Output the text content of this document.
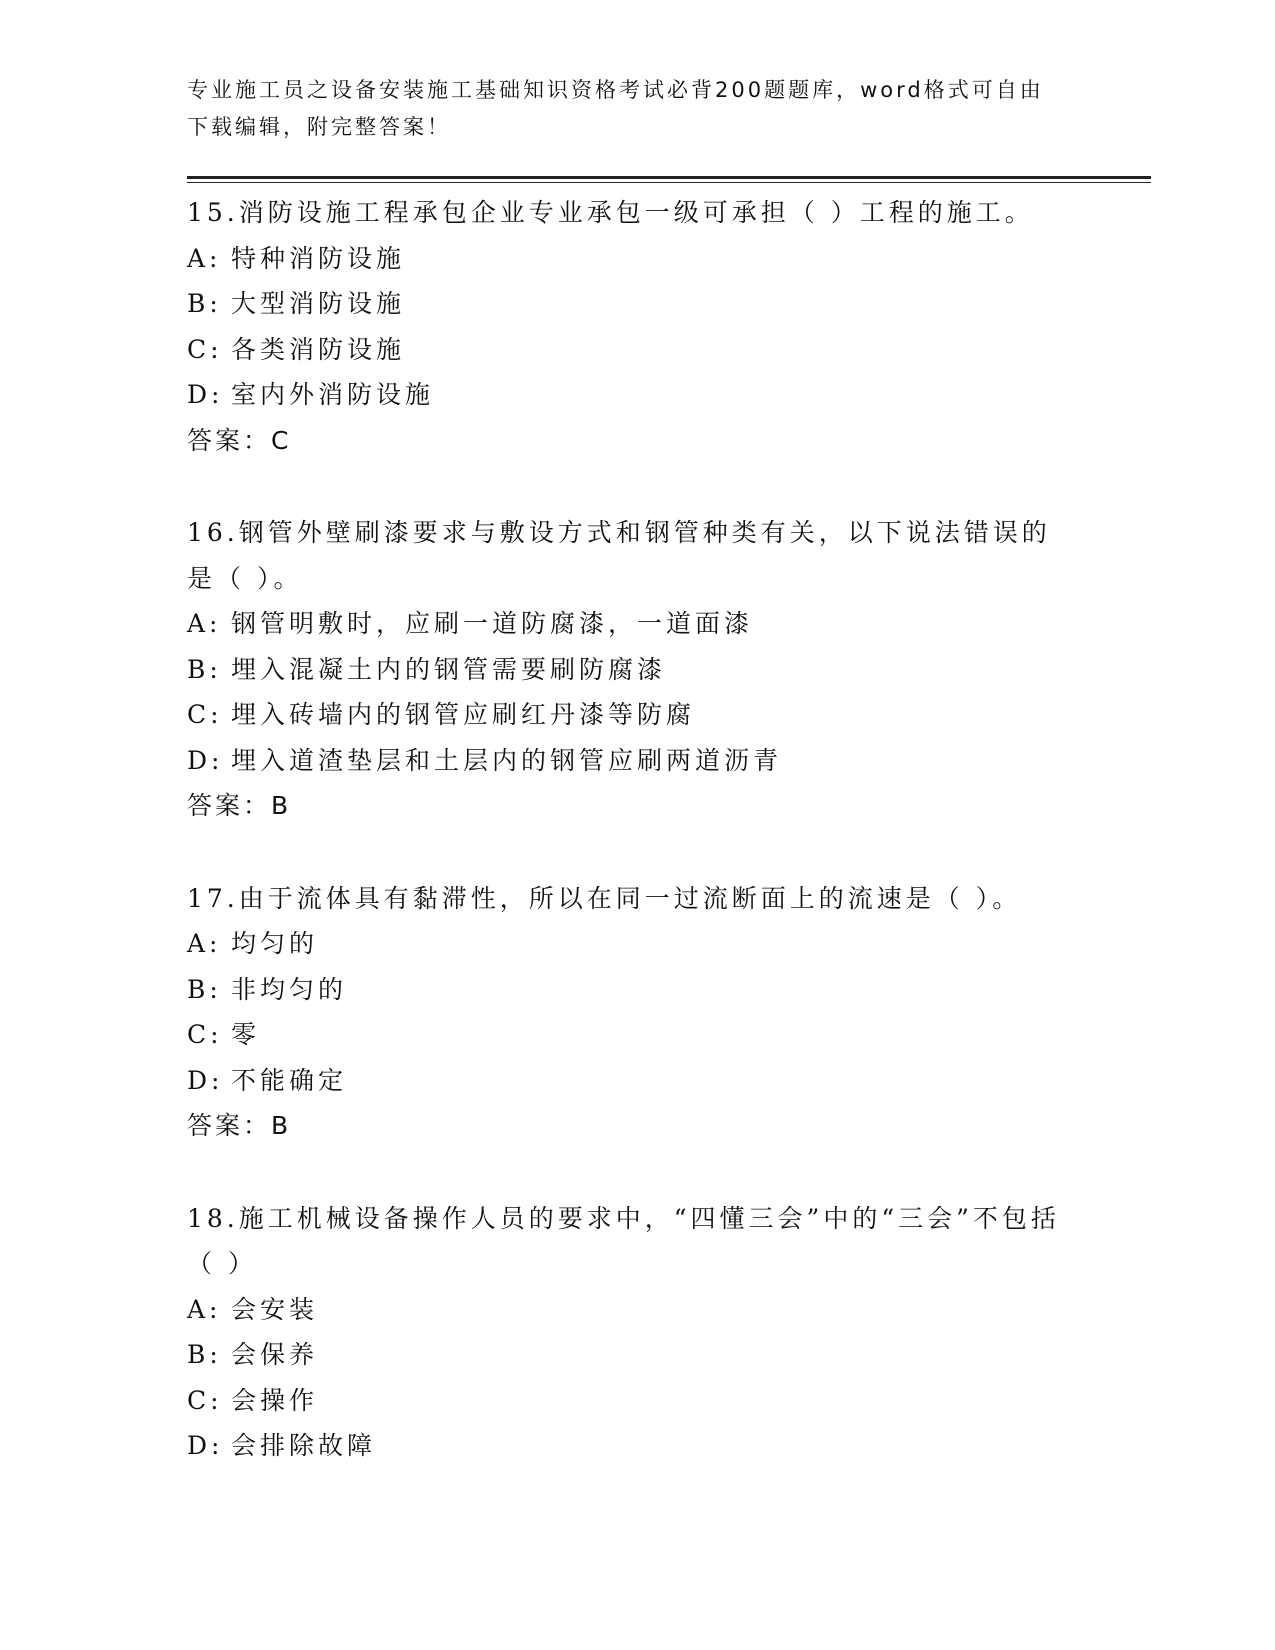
专业施工员之设备安装施工基础知识资格考试必背200题题库，word格式可自由下载编辑，附完整答案！
15.消防设施工程承包企业专业承包一级可承担（ ）工程的施工。
A: 特种消防设施
B: 大型消防设施
C: 各类消防设施
D: 室内外消防设施
答案：C
16.钢管外壁刷漆要求与敷设方式和钢管种类有关，以下说法错误的是（ ）。
A: 钢管明敷时，应刷一道防腐漆，一道面漆
B: 埋入混凝土内的钢管需要刷防腐漆
C: 埋入砖墙内的钢管应刷红丹漆等防腐
D: 埋入道渣垫层和土层内的钢管应刷两道沥青
答案：B
17.由于流体具有黏滞性，所以在同一过流断面上的流速是（ ）。
A: 均匀的
B: 非均匀的
C: 零
D: 不能确定
答案：B
18.施工机械设备操作人员的要求中，“四懂三会”中的“三会”不包括（ ）
A: 会安装
B: 会保养
C: 会操作
D: 会排除故障
